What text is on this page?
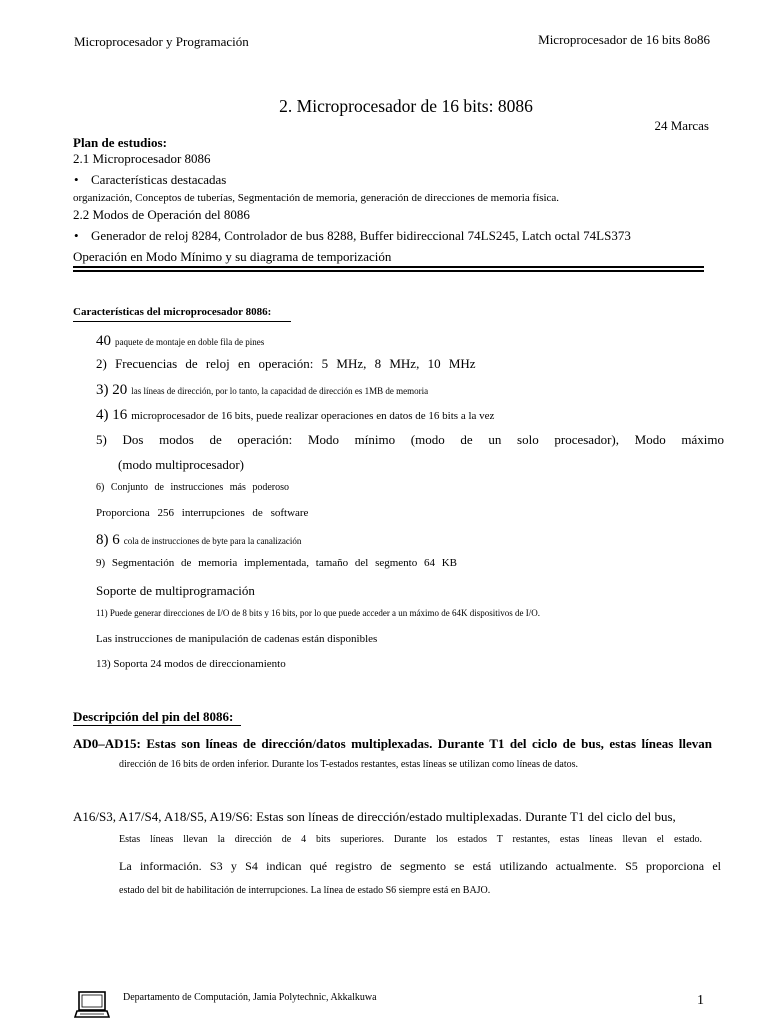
Microprocesador y Programación	Microprocesador de 16 bits 8o86
2. Microprocesador de 16 bits: 8086
24 Marcas
Plan de estudios:
2.1 Microprocesador 8086
• Características destacadas
organización, Conceptos de tuberías, Segmentación de memoria, generación de direcciones de memoria física.
2.2 Modos de Operación del 8086
• Generador de reloj 8284, Controlador de bus 8288, Buffer bidireccional 74LS245, Latch octal 74LS373
Operación en Modo Mínimo y su diagrama de temporización
Características del microprocesador 8086:
40 paquete de montaje en doble fila de pines
2) Frecuencias de reloj en operación: 5 MHz, 8 MHz, 10 MHz
3) 20 las líneas de dirección, por lo tanto, la capacidad de dirección es 1MB de memoria
4) 16 microprocesador de 16 bits, puede realizar operaciones en datos de 16 bits a la vez
5) Dos modos de operación: Modo mínimo (modo de un solo procesador), Modo máximo
(modo multiprocesador)
6) Conjunto de instrucciones más poderoso
Proporciona 256 interrupciones de software
8) 6 cola de instrucciones de byte para la canalización
9) Segmentación de memoria implementada, tamaño del segmento 64 KB
Soporte de multiprogramación
11) Puede generar direcciones de I/O de 8 bits y 16 bits, por lo que puede acceder a un máximo de 64K dispositivos de I/O.
Las instrucciones de manipulación de cadenas están disponibles
13) Soporta 24 modos de direccionamiento
Descripción del pin del 8086:
AD0–AD15: Estas son líneas de dirección/datos multiplexadas. Durante T1 del ciclo de bus, estas líneas llevan
dirección de 16 bits de orden inferior. Durante los T-estados restantes, estas líneas se utilizan como líneas de datos.
A16/S3, A17/S4, A18/S5, A19/S6: Estas son líneas de dirección/estado multiplexadas. Durante T1 del ciclo del bus,
Estas líneas llevan la dirección de 4 bits superiores. Durante los estados T restantes, estas líneas llevan el estado.
La información. S3 y S4 indican qué registro de segmento se está utilizando actualmente. S5 proporciona el
estado del bit de habilitación de interrupciones. La línea de estado S6 siempre está en BAJO.
Departamento de Computación, Jamia Polytechnic, Akkalkuwa	1
